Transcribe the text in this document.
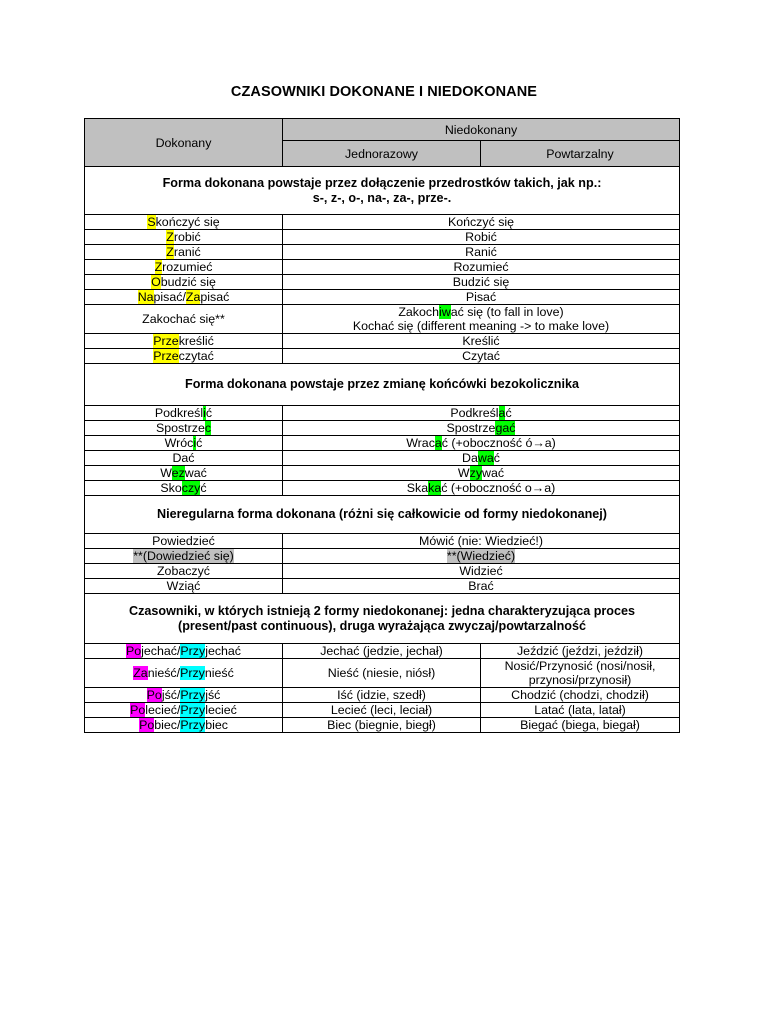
CZASOWNIKI DOKONANE I NIEDOKONANE
Dokonany	Niedokonany	
	Jednorazowy	Powtarzalny
Forma dokonana powstaje przez dołączenie przedrostków takich, jak np.:
s-, z-, o-, na-, za-, prze-.		
Skończyć się	Kończyć się	
Zrobić	Robić	
Zranić	Ranić	
Zrozumieć	Rozumieć	
Obudzić się	Budzić się	
Napisać/Zapisać	Pisać	
Zakochać się**	Zakochiwać się (to fall in love)
Kochać się (different meaning -> to make love)	
Przekreślić	Kreślić	
Przeczytać	Czytać	
Forma dokonana powstaje przez zmianę końcówki bezokolicznika		
Podkreślić	Podkreślać	
Spostrzec	Spostrzegać	
Wrócić	Wracać (+oboczność ó→a)	
Dać	Dawać	
Wezwać	Wzywać	
Skoczyć	Skakać (+oboczność o→a)	
Nieregularna forma dokonana (różni się całkowicie od formy niedokonanej)		
Powiedzieć	Mówić (nie: Wiedzieć!)	
**(Dowiedzieć się)	**(Wiedzieć)	
Zobaczyć	Widzieć	
Wziąć	Brać	
Czasowniki, w których istnieją 2 formy niedokonanej: jedna charakteryzująca proces
(present/past continuous), druga wyrażająca zwyczaj/powtarzalność		
Pojechać/Przyjechać	Jechać (jedzie, jechał)	Jeździć (jeździ, jeździł)
Zanieść/Przynieść	Nieść (niesie, niósł)	Nosić/Przynosić (nosi/nosił,
przynosi/przynosił)
Pojść/Przyjść	Iść (idzie, szedł)	Chodzić (chodzi, chodził)
Polecieć/Przylecieć	Lecieć (leci, leciał)	Latać (lata, latał)
Pobiec/Przybiec	Biec (biegnie, biegł)	Biegać (biega, biegał)
